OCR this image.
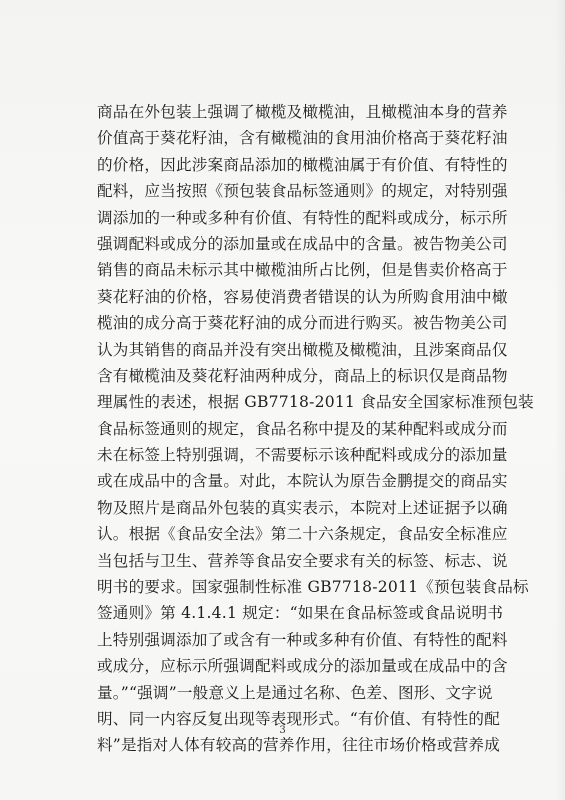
商品在外包装上强调了橄榄及橄榄油，且橄榄油本身的营养
价值高于葵花籽油，含有橄榄油的食用油价格高于葵花籽油
的价格，因此涉案商品添加的橄榄油属于有价值、有特性的
配料，应当按照《预包装食品标签通则》的规定，对特别强
调添加的一种或多种有价值、有特性的配料或成分，标示所
强调配料或成分的添加量或在成品中的含量。被告物美公司
销售的商品未标示其中橄榄油所占比例，但是售卖价格高于
葵花籽油的价格，容易使消费者错误的认为所购食用油中橄
榄油的成分高于葵花籽油的成分而进行购买。被告物美公司
认为其销售的商品并没有突出橄榄及橄榄油，且涉案商品仅
含有橄榄油及葵花籽油两种成分，商品上的标识仅是商品物
理属性的表述，根据 GB7718-2011 食品安全国家标准预包装
食品标签通则的规定，食品名称中提及的某种配料或成分而
未在标签上特别强调，不需要标示该种配料或成分的添加量
或在成品中的含量。对此，本院认为原告金鹏提交的商品实
物及照片是商品外包装的真实表示，本院对上述证据予以确
认。根据《食品安全法》第二十六条规定，食品安全标准应
当包括与卫生、营养等食品安全要求有关的标签、标志、说
明书的要求。国家强制性标准 GB7718-2011《预包装食品标
签通则》第 4.1.4.1 规定：“如果在食品标签或食品说明书
上特别强调添加了或含有一种或多种有价值、有特性的配料
或成分，应标示所强调配料或成分的添加量或在成品中的含
量。”“强调”一般意义上是通过名称、色差、图形、文字说
明、同一内容反复出现等表现形式。“有价值、有特性的配
料”是指对人体有较高的营养作用，往往市场价格或营养成
3
